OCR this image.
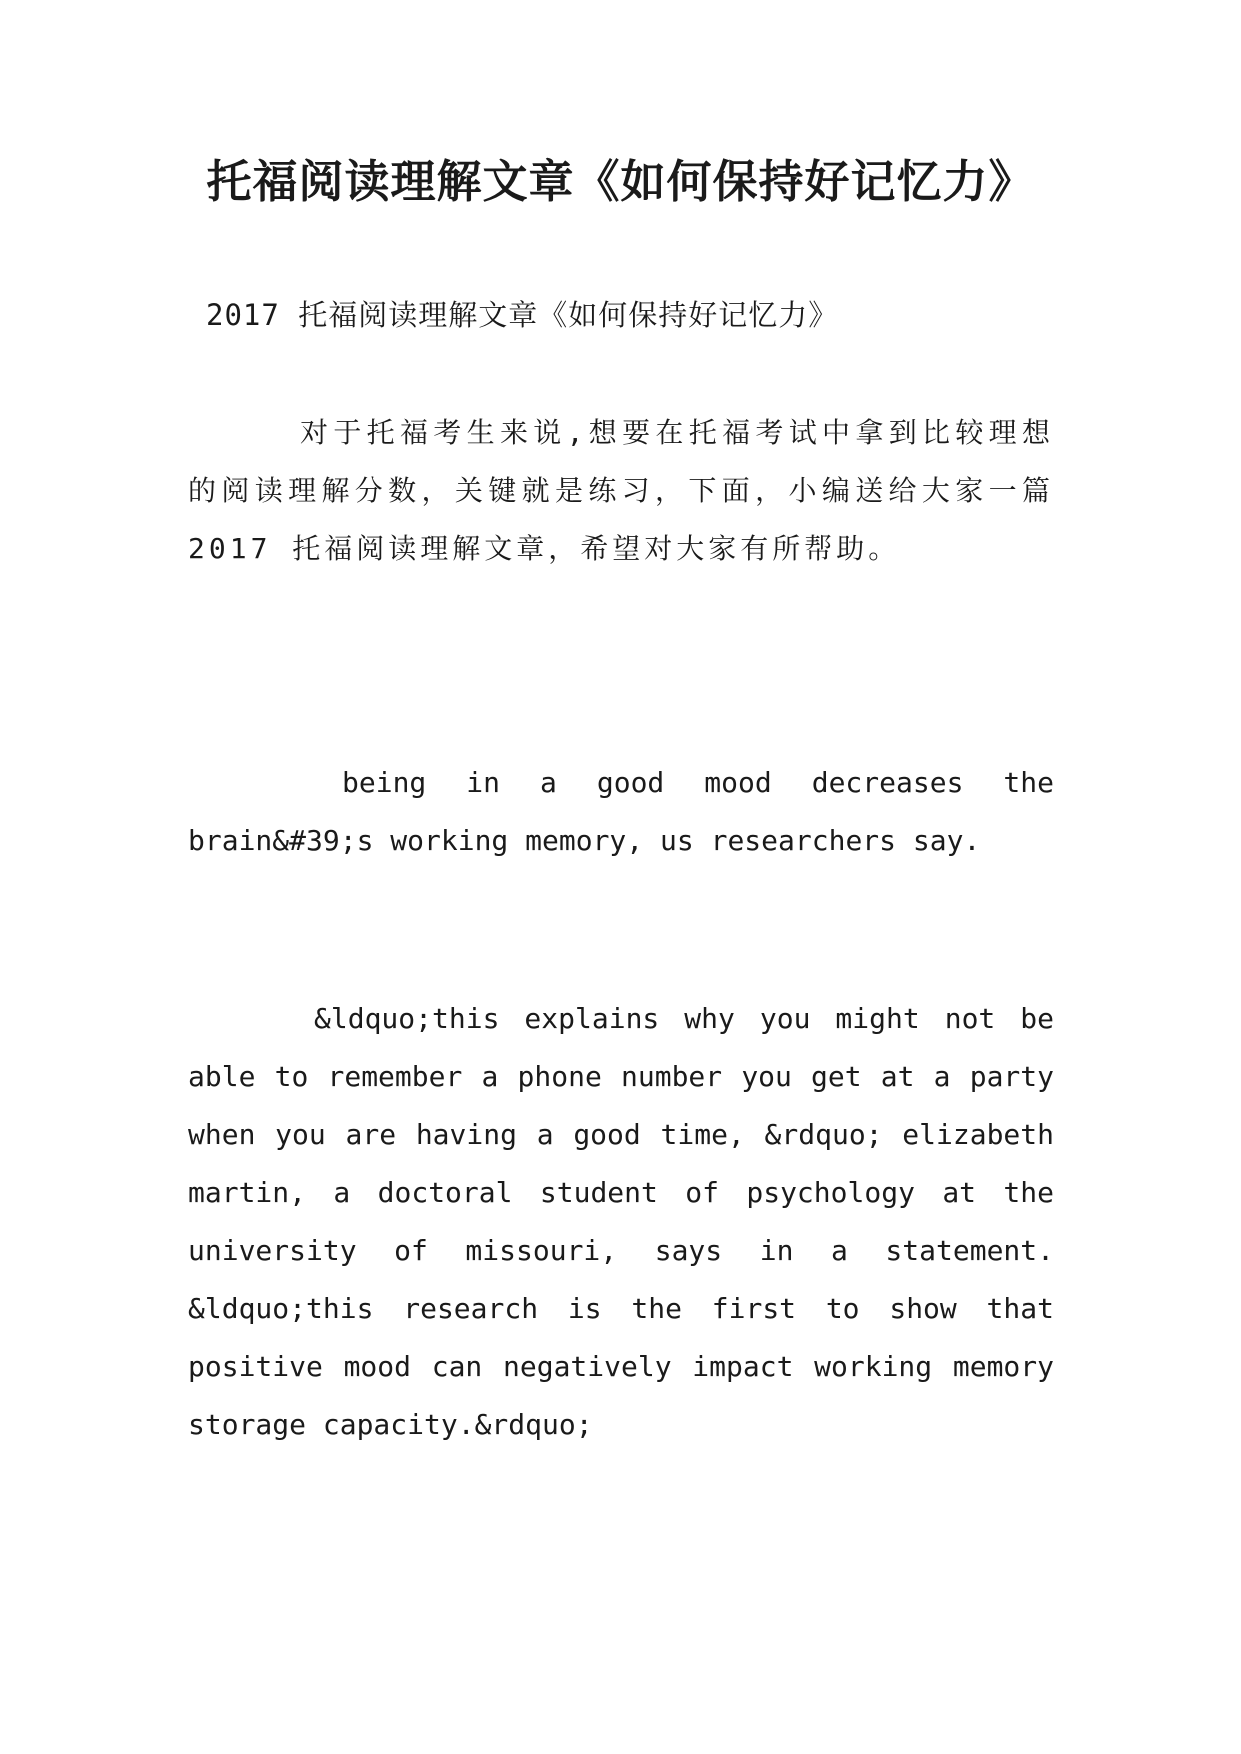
托福阅读理解文章《如何保持好记忆力》

2017 托福阅读理解文章《如何保持好记忆力》

对于托福考生来说,想要在托福考试中拿到比较理想的阅读理解分数，关键就是练习，下面，小编送给大家一篇 2017 托福阅读理解文章，希望对大家有所帮助。

being in a good mood decreases the brain&#39;s working memory, us researchers say.

&ldquo;this explains why you might not be able to remember a phone number you get at a party when you are having a good time, &rdquo; elizabeth martin, a doctoral student of psychology at the university of missouri, says in a statement. &ldquo;this research is the first to show that positive mood can negatively impact working memory storage capacity.&rdquo;
